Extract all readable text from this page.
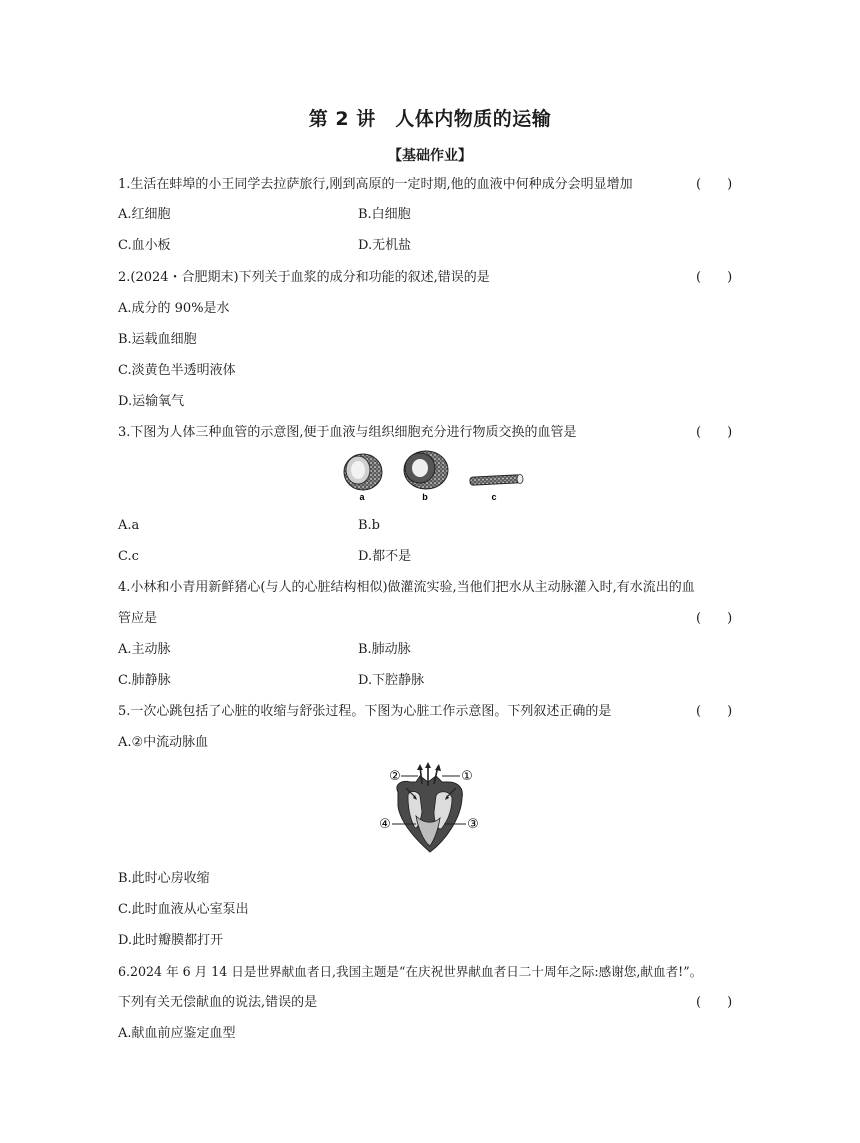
第 2 讲　人体内物质的运输
【基础作业】
1.生活在蚌埠的小王同学去拉萨旅行,刚到高原的一定时期,他的血液中何种成分会明显增加	(　　)
A.红细胞	B.白细胞
C.血小板	D.无机盐
2.(2024・合肥期末)下列关于血浆的成分和功能的叙述,错误的是	(　　)
A.成分的 90%是水
B.运载血细胞
C.淡黄色半透明液体
D.运输氧气
3.下图为人体三种血管的示意图,便于血液与组织细胞充分进行物质交换的血管是	(　　)
a	b	c
A.a	B.b
C.c	D.都不是
4.小林和小青用新鲜猪心(与人的心脏结构相似)做灌流实验,当他们把水从主动脉灌入时,有水流出的血
管应是	(　　)
A.主动脉	B.肺动脉
C.肺静脉	D.下腔静脉
5.一次心跳包括了心脏的收缩与舒张过程。下图为心脏工作示意图。下列叙述正确的是	(　　)
A.②中流动脉血
②	①
④	③
B.此时心房收缩
C.此时血液从心室泵出
D.此时瓣膜都打开
6.2024 年 6 月 14 日是世界献血者日,我国主题是“在庆祝世界献血者日二十周年之际:感谢您,献血者!”。
下列有关无偿献血的说法,错误的是	(　　)
A.献血前应鉴定血型
